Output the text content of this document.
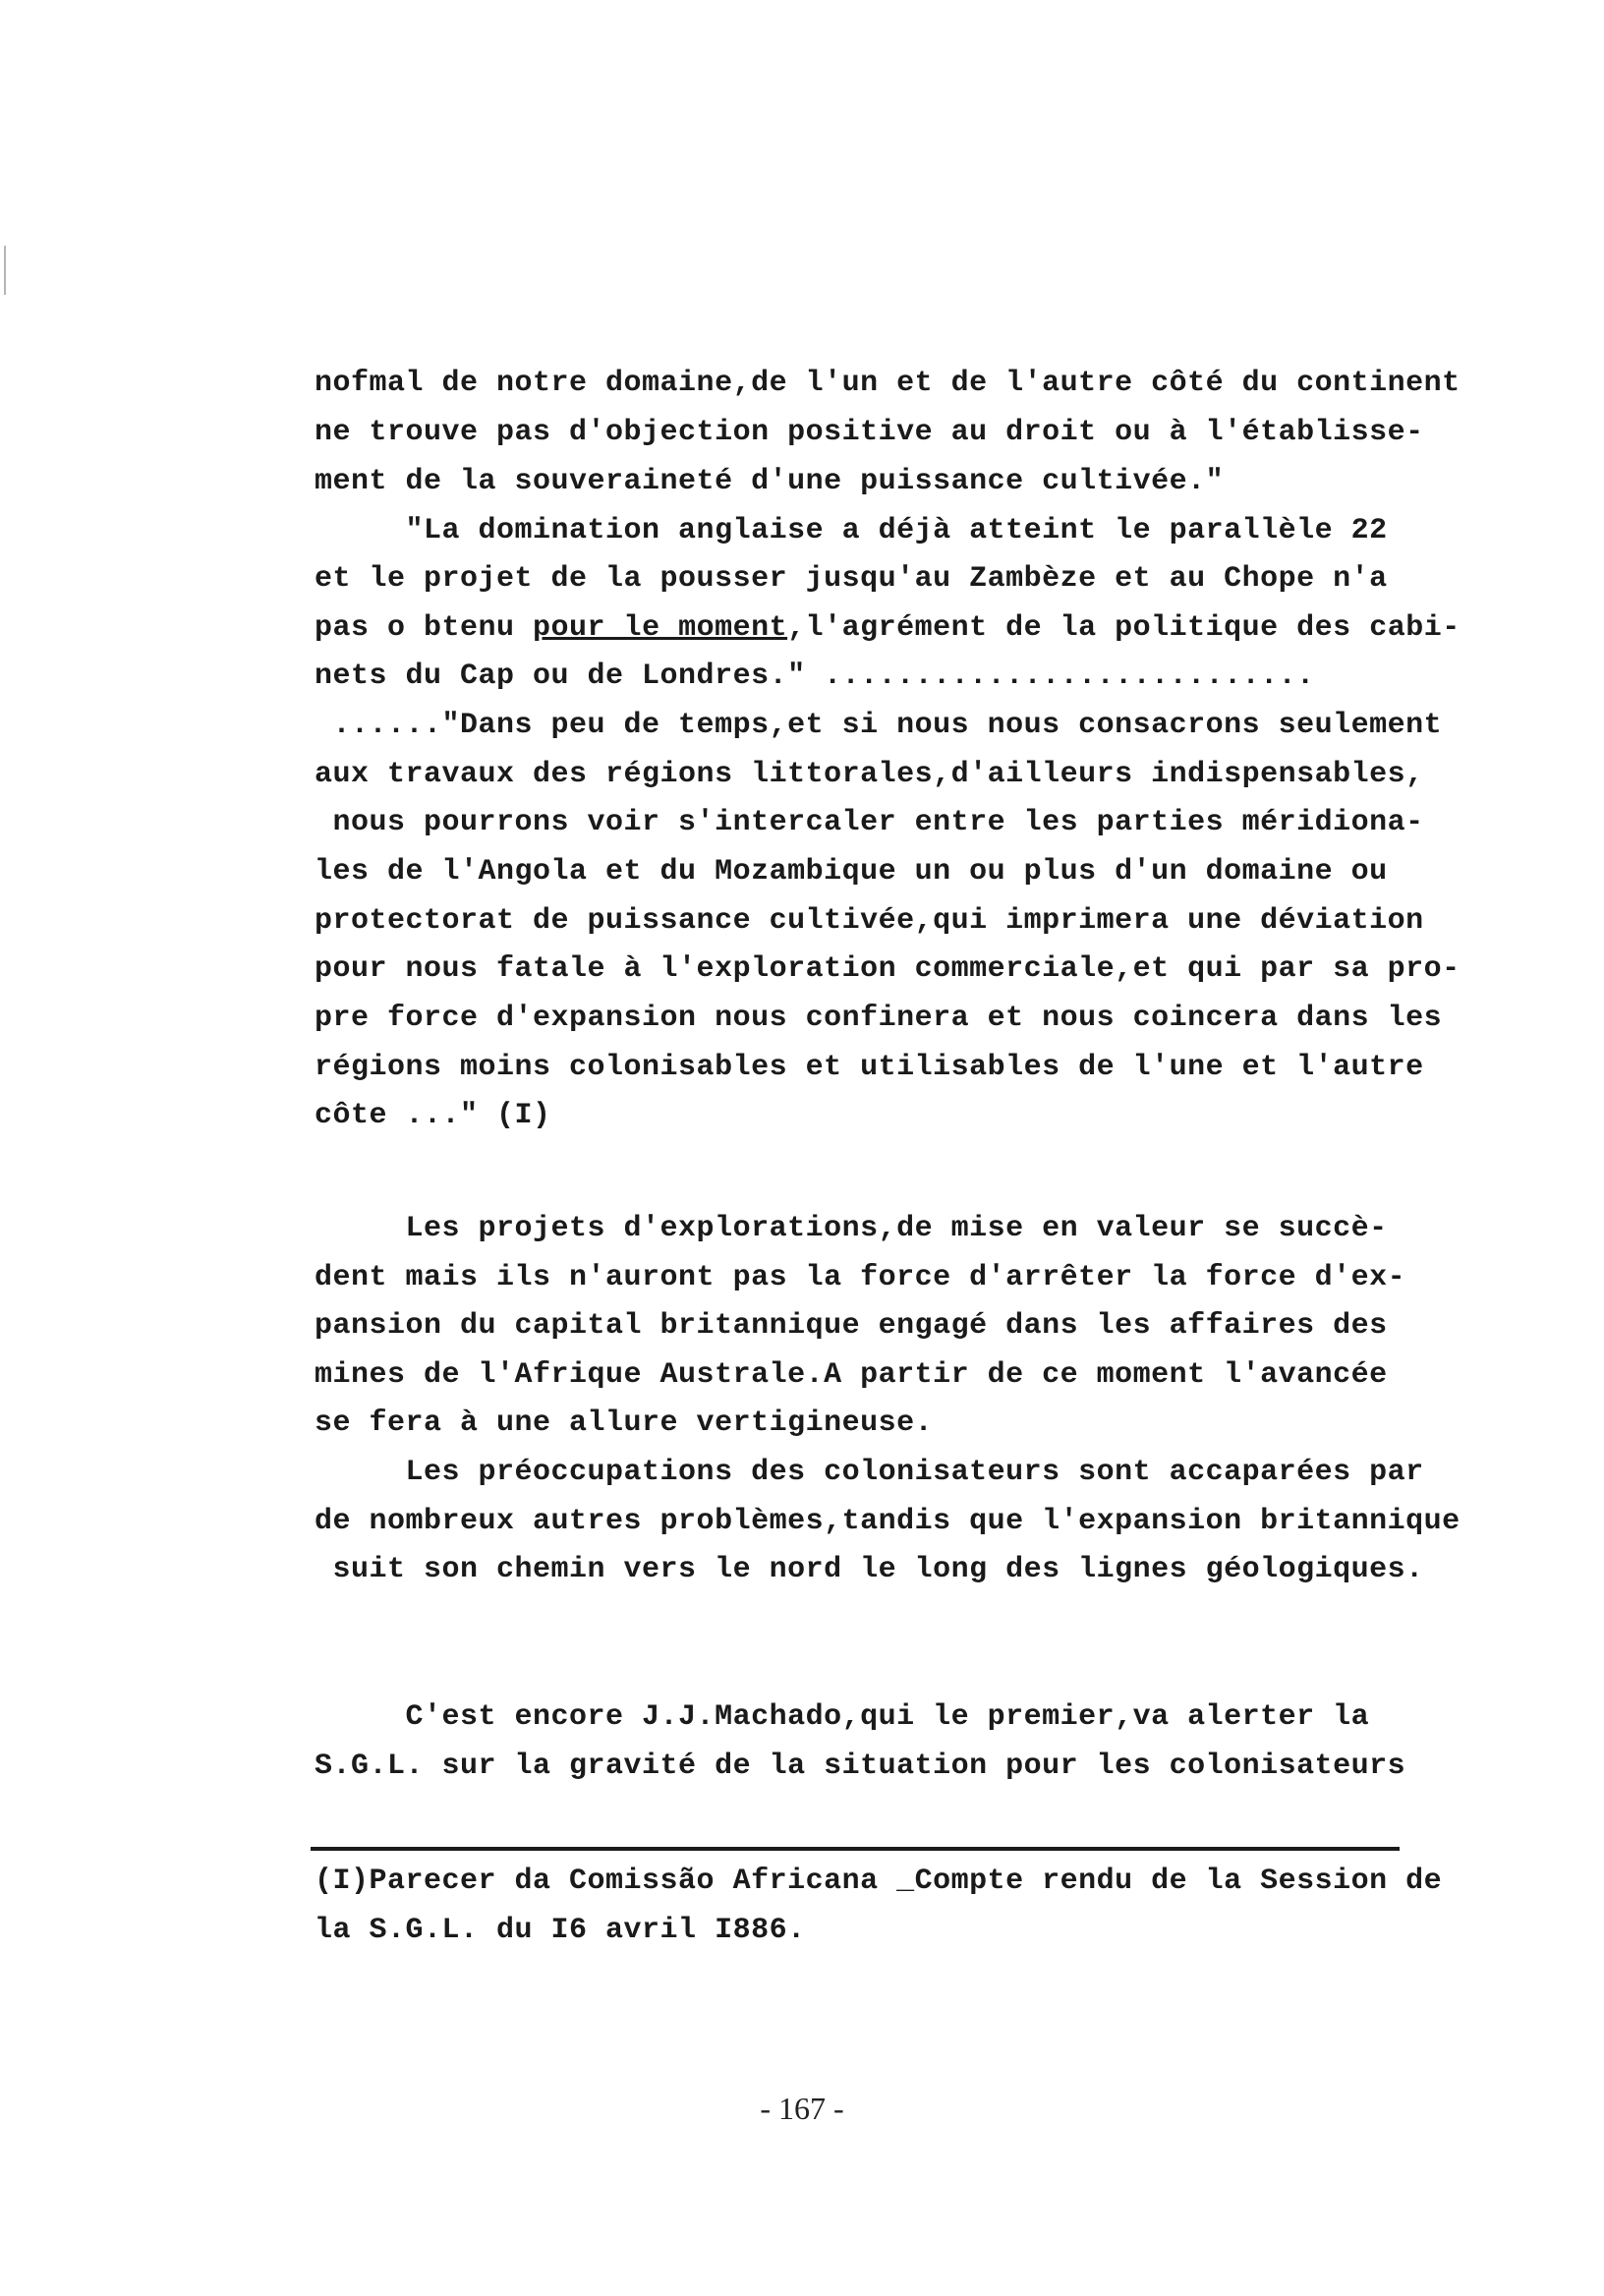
nofmal de notre domaine,de l'un et de l'autre côté du continent
ne trouve pas d'objection positive au droit ou à l'établisse-
ment de la souveraineté d'une puissance cultivée."
"La domination anglaise a déjà atteint le parallèle 22
et le projet de la pousser jusqu'au Zambèze et au Chope n'a
pas o btenu pour le moment,l'agrément de la politique des cabi-
nets du Cap ou de Londres." ...........................
......"Dans peu de temps,et si nous nous consacrons seulement
aux travaux des régions littorales,d'ailleurs indispensables,
nous pourrons voir s'intercaler entre les parties méridiona-
les de l'Angola et du Mozambique un ou plus d'un domaine ou
protectorat de puissance cultivée,qui imprimera une déviation
pour nous fatale à l'exploration commerciale,et qui par sa pro-
pre force d'expansion nous confinera et nous coincera dans les
régions moins colonisables et utilisables de l'une et l'autre
côte ..." (I)
Les projets d'explorations,de mise en valeur se succè-
dent mais ils n'auront pas la force d'arrêter la force d'ex-
pansion du capital britannique engagé dans les affaires des
mines de l'Afrique Australe.A partir de ce moment l'avancée
se fera à une allure vertigineuse.
Les préoccupations des colonisateurs sont accaparées par
de nombreux autres problèmes,tandis que l'expansion britannique
suit son chemin vers le nord le long des lignes géologiques.
C'est encore J.J.Machado,qui le premier,va alerter la
S.G.L. sur la gravité de la situation pour les colonisateurs
(I)Parecer da Comissão Africana _Compte rendu de la Session de
la S.G.L. du I6 avril I886.
- 167 -
